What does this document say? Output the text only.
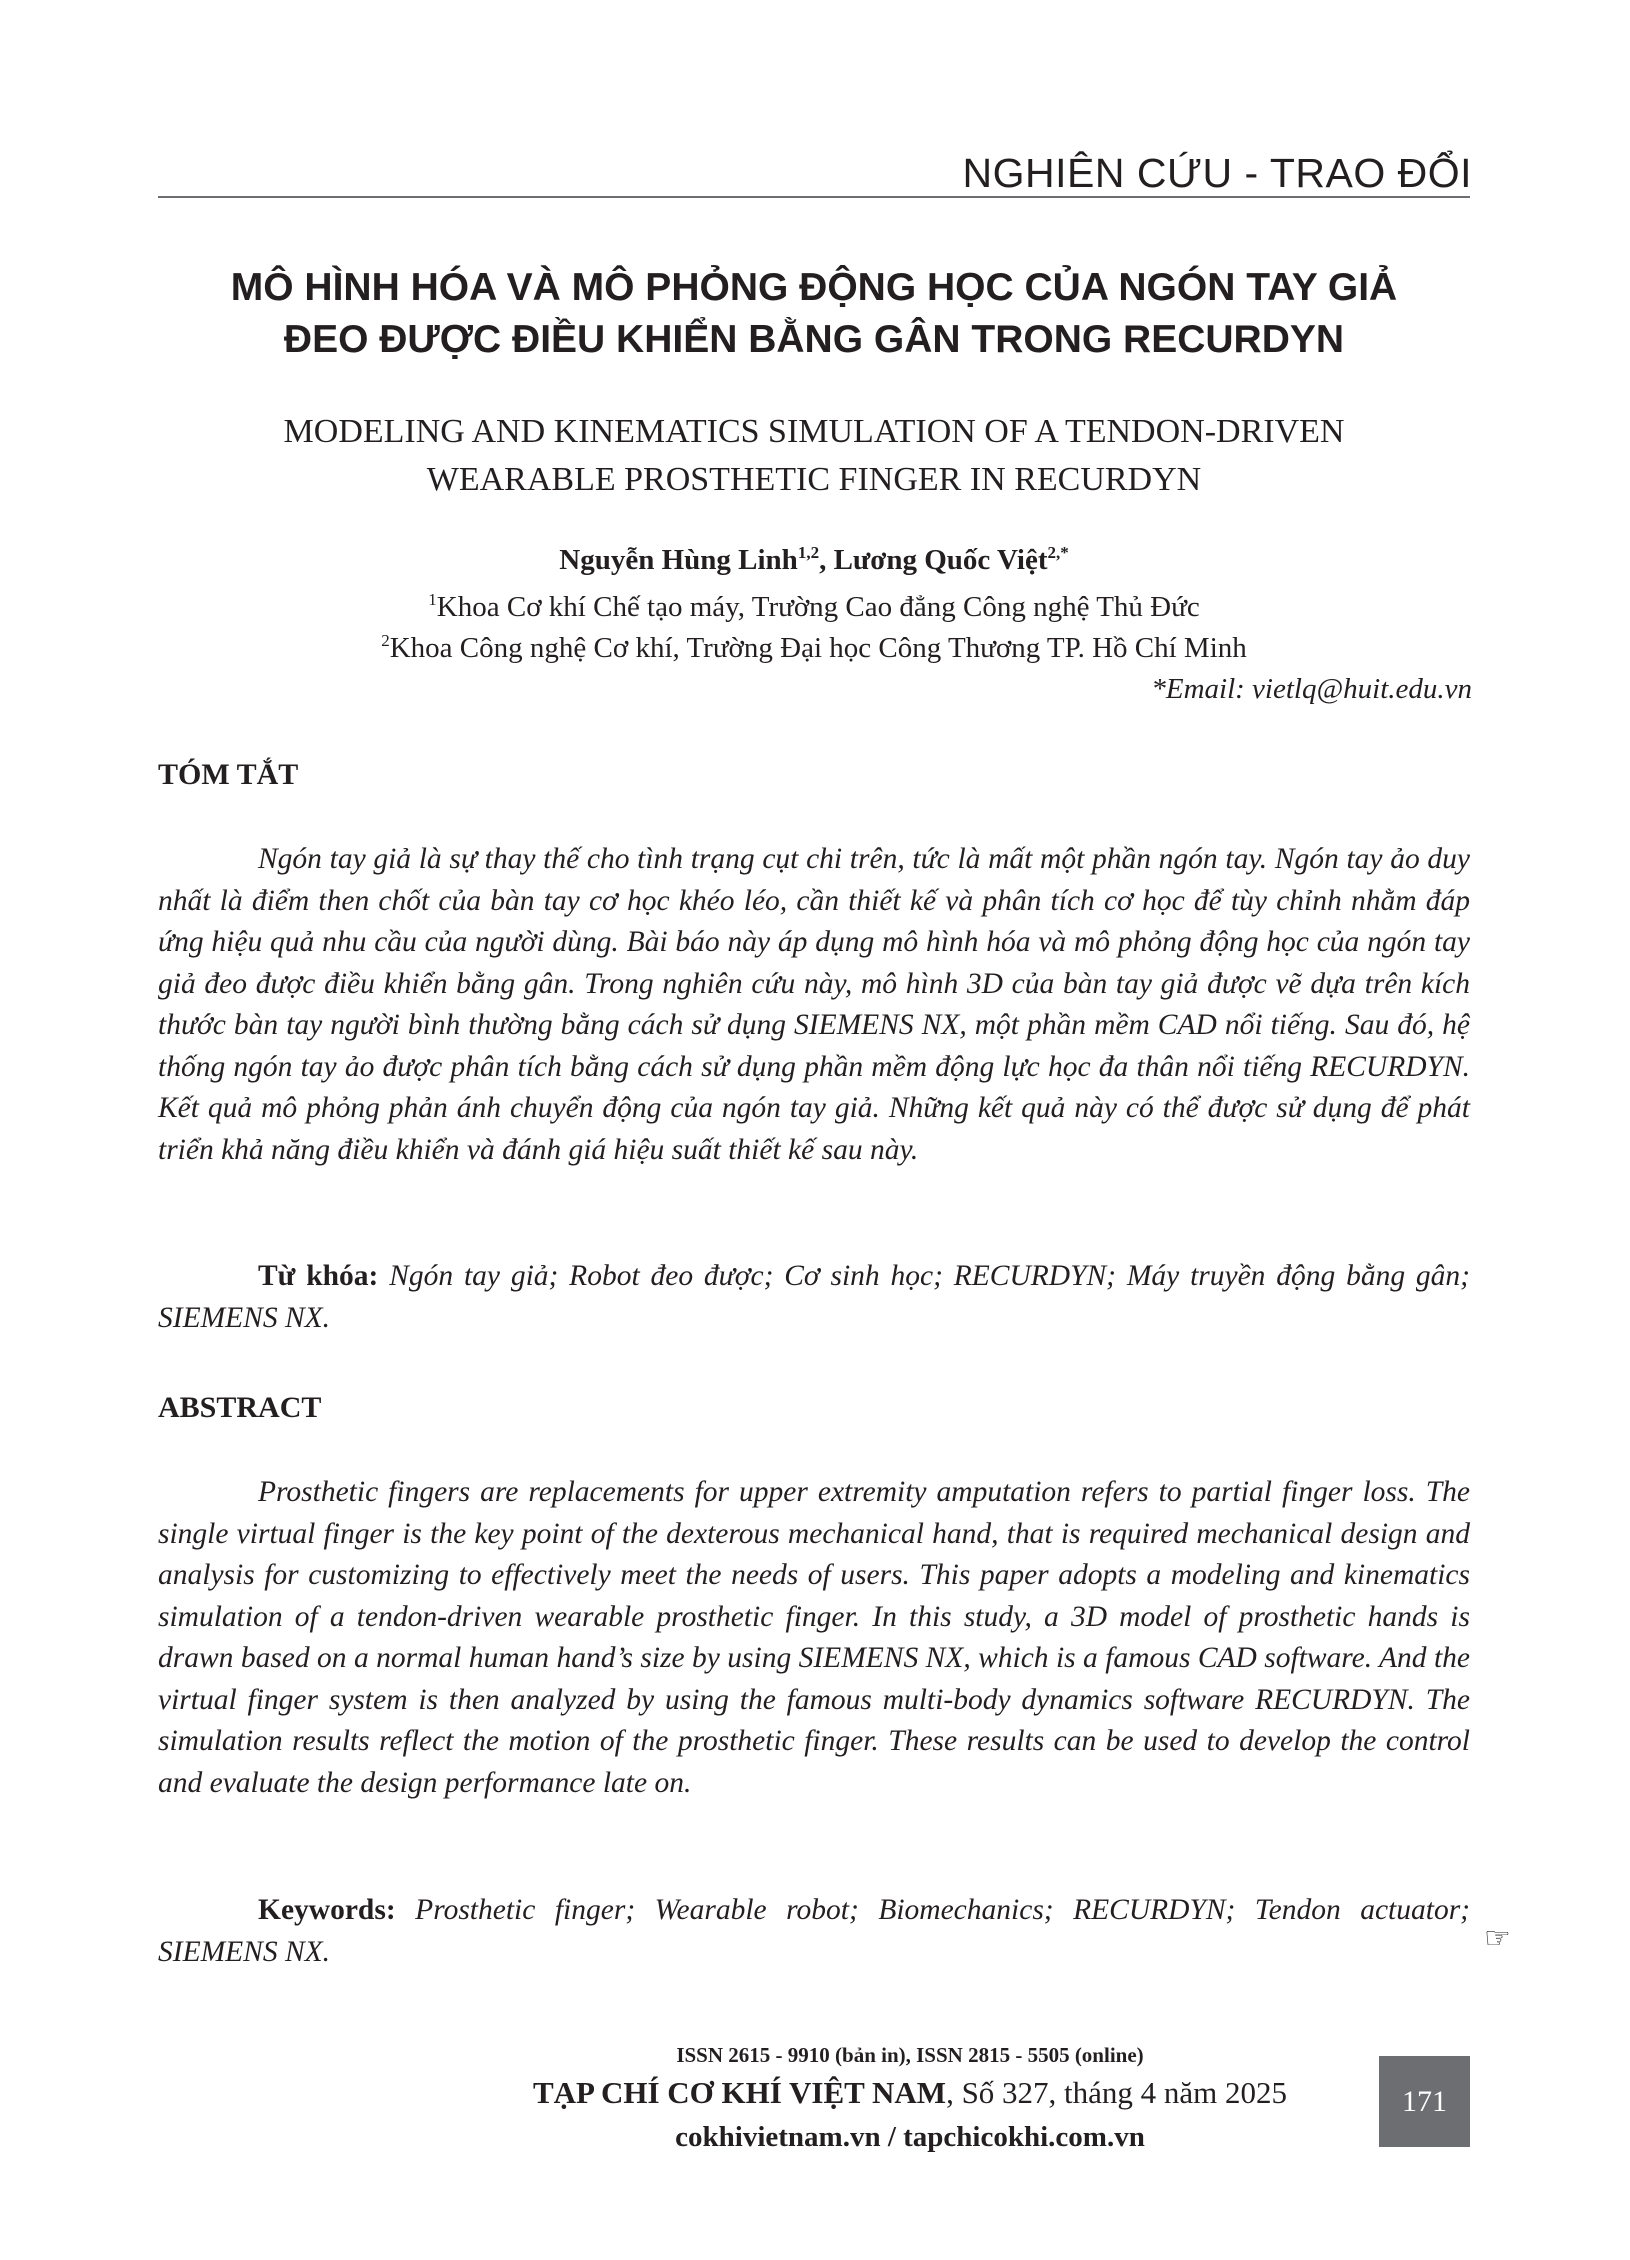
NGHIÊN CỨU - TRAO ĐỔI
MÔ HÌNH HÓA VÀ MÔ PHỎNG ĐỘNG HỌC CỦA NGÓN TAY GIẢ
ĐEO ĐƯỢC ĐIỀU KHIỂN BẰNG GÂN TRONG RECURDYN
MODELING AND KINEMATICS SIMULATION OF A TENDON-DRIVEN
WEARABLE PROSTHETIC FINGER IN RECURDYN
Nguyễn Hùng Linh$^{1,2}$, Lương Quốc Việt$^{2,*}$
$^1$Khoa Cơ khí Chế tạo máy, Trường Cao đẳng Công nghệ Thủ Đức
$^2$Khoa Công nghệ Cơ khí, Trường Đại học Công Thương TP. Hồ Chí Minh
*Email: vietlq@huit.edu.vn
TÓM TẮT
Ngón tay giả là sự thay thế cho tình trạng cụt chi trên, tức là mất một phần ngón tay. Ngón tay ảo duy nhất là điểm then chốt của bàn tay cơ học khéo léo, cần thiết kế và phân tích cơ học để tùy chỉnh nhằm đáp ứng hiệu quả nhu cầu của người dùng. Bài báo này áp dụng mô hình hóa và mô phỏng động học của ngón tay giả đeo được điều khiển bằng gân. Trong nghiên cứu này, mô hình 3D của bàn tay giả được vẽ dựa trên kích thước bàn tay người bình thường bằng cách sử dụng SIEMENS NX, một phần mềm CAD nổi tiếng. Sau đó, hệ thống ngón tay ảo được phân tích bằng cách sử dụng phần mềm động lực học đa thân nổi tiếng RECURDYN. Kết quả mô phỏng phản ánh chuyển động của ngón tay giả. Những kết quả này có thể được sử dụng để phát triển khả năng điều khiển và đánh giá hiệu suất thiết kế sau này.
Từ khóa: Ngón tay giả; Robot đeo được; Cơ sinh học; RECURDYN; Máy truyền động bằng gân; SIEMENS NX.
ABSTRACT
Prosthetic fingers are replacements for upper extremity amputation refers to partial finger loss. The single virtual finger is the key point of the dexterous mechanical hand, that is required mechanical design and analysis for customizing to effectively meet the needs of users. This paper adopts a modeling and kinematics simulation of a tendon-driven wearable prosthetic finger. In this study, a 3D model of prosthetic hands is drawn based on a normal human hand’s size by using SIEMENS NX, which is a famous CAD software. And the virtual finger system is then analyzed by using the famous multi-body dynamics software RECURDYN. The simulation results reflect the motion of the prosthetic finger. These results can be used to develop the control and evaluate the design performance late on.
Keywords: Prosthetic finger; Wearable robot; Biomechanics; RECURDYN; Tendon actuator; SIEMENS NX.	☞
ISSN 2615 - 9910 (bản in), ISSN 2815 - 5505 (online)
TẠP CHÍ CƠ KHÍ VIỆT NAM, Số 327, tháng 4 năm 2025
cokhivietnam.vn / tapchicokhi.com.vn
171
